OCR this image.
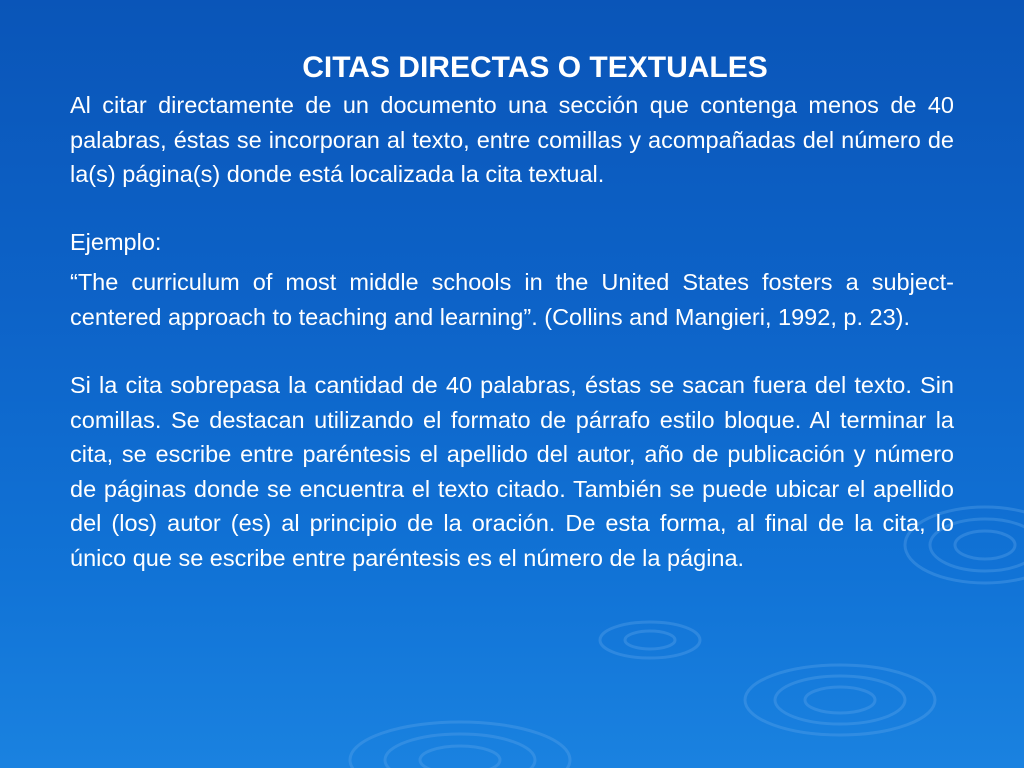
CITAS DIRECTAS O TEXTUALES

Al citar directamente de un documento una sección que contenga menos de 40 palabras, éstas se incorporan al texto, entre comillas y acompañadas del número de la(s) página(s) donde está localizada la cita textual.

Ejemplo:

“The curriculum of most middle schools in the United States fosters a subject-centered approach to teaching and learning”. (Collins and Mangieri, 1992, p. 23).

Si la cita sobrepasa la cantidad de 40 palabras, éstas se sacan fuera del texto. Sin comillas. Se destacan utilizando el formato de párrafo estilo bloque. Al terminar la cita, se escribe entre paréntesis el apellido del autor, año de publicación y número de páginas donde se encuentra el texto citado. También se puede ubicar el apellido del (los) autor (es) al principio de la oración. De esta forma, al final de la cita, lo único que se escribe entre paréntesis es el número de la página.
